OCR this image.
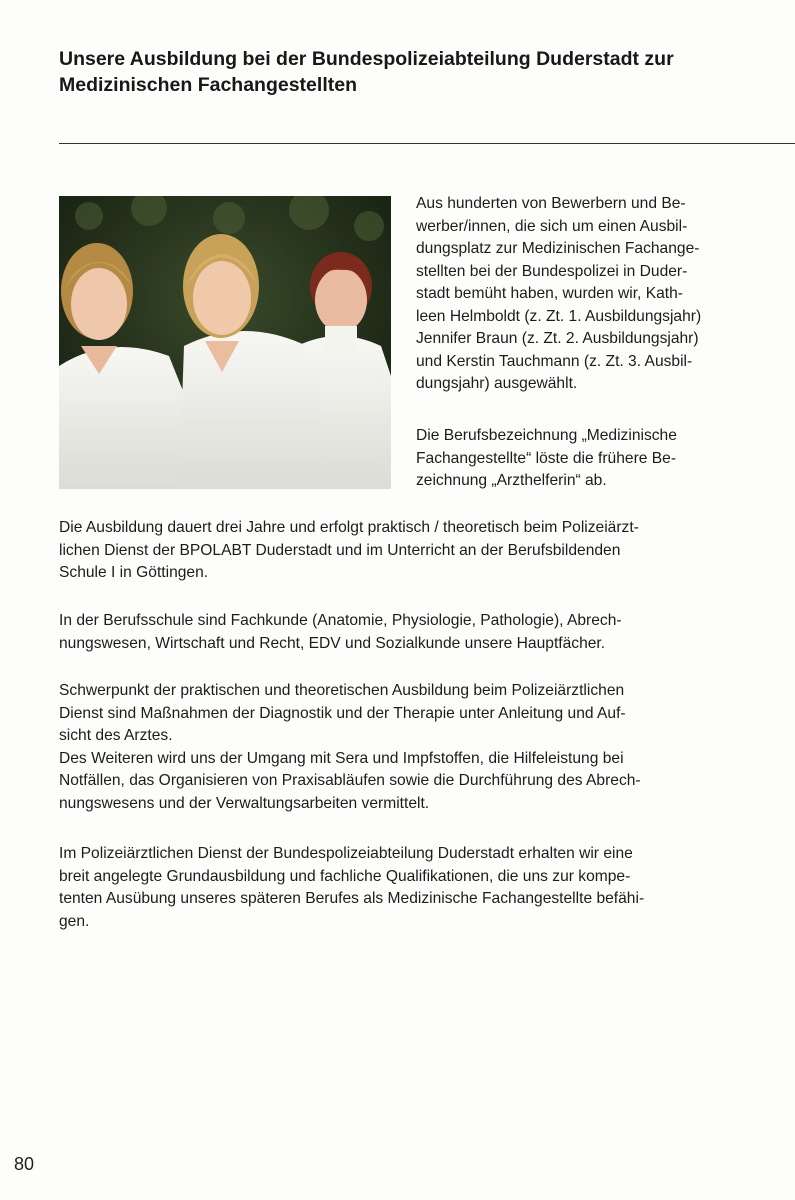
Unsere Ausbildung bei der Bundespolizeiabteilung Duderstadt zur
Medizinischen Fachangestellten
Aus hunderten von Bewerbern und Be-
werber/innen, die sich um einen Ausbil-
dungsplatz zur Medizinischen Fachange-
stellten bei der Bundespolizei in Duder-
stadt bemüht haben, wurden wir, Kath-
leen Helmboldt (z. Zt. 1. Ausbildungsjahr)
Jennifer Braun (z. Zt. 2. Ausbildungsjahr)
und Kerstin Tauchmann (z. Zt. 3. Ausbil-
dungsjahr) ausgewählt.
Die Berufsbezeichnung „Medizinische
Fachangestellte“ löste die frühere Be-
zeichnung „Arzthelferin“ ab.
Die Ausbildung dauert drei Jahre und erfolgt praktisch / theoretisch beim Polizeiärzt-
lichen Dienst der BPOLABT Duderstadt und im Unterricht an der Berufsbildenden
Schule I in Göttingen.
In der Berufsschule sind Fachkunde (Anatomie, Physiologie, Pathologie), Abrech-
nungswesen, Wirtschaft und Recht, EDV und Sozialkunde unsere Hauptfächer.
Schwerpunkt der praktischen und theoretischen Ausbildung beim Polizeiärztlichen
Dienst sind Maßnahmen der Diagnostik und der Therapie unter Anleitung und Auf-
sicht des Arztes.
Des Weiteren wird uns der Umgang mit Sera und Impfstoffen, die Hilfeleistung bei
Notfällen, das Organisieren von Praxisabläufen sowie die Durchführung des Abrech-
nungswesens und der Verwaltungsarbeiten vermittelt.
Im Polizeiärztlichen Dienst der Bundespolizeiabteilung Duderstadt erhalten wir eine
breit angelegte Grundausbildung und fachliche Qualifikationen, die uns zur kompe-
tenten Ausübung unseres späteren Berufes als Medizinische Fachangestellte befähi-
gen.
80
